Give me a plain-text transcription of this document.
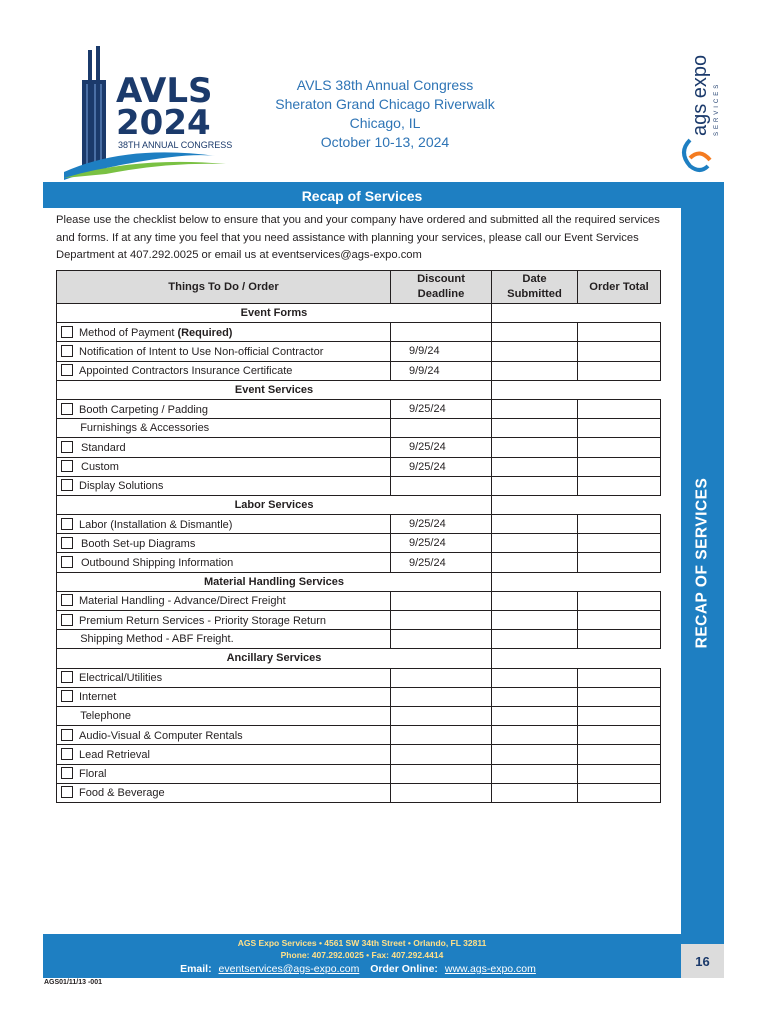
AVLS
2024
38TH ANNUAL CONGRESS
AVLS 38th Annual Congress
Sheraton Grand Chicago Riverwalk
Chicago, IL
October 10-13, 2024
ags expo SERVICES
Recap of Services
RECAP OF SERVICES
Please use the checklist below to ensure that you and your company have ordered and submitted all the required services and forms. If at any time you feel that you need assistance with planning your services, please call our Event Services Department at 407.292.0025 or email us at eventservices@ags-expo.com
Things To Do / Order	Discount Deadline	Date Submitted	Order Total
Event Forms			
Method of Payment (Required)			
Notification of Intent to Use Non-official Contractor	9/9/24		
Appointed Contractors Insurance Certificate	9/9/24		
Event Services			
Booth Carpeting / Padding	9/25/24		
Furnishings & Accessories			
Standard	9/25/24		
Custom	9/25/24		
Display Solutions			
Labor Services			
Labor (Installation & Dismantle)	9/25/24		
Booth Set-up Diagrams	9/25/24		
Outbound Shipping Information	9/25/24		
Material Handling Services			
Material Handling - Advance/Direct Freight			
Premium Return Services - Priority Storage Return			
Shipping Method - ABF Freight.			
Ancillary Services			
Electrical/Utilities			
Internet			
Telephone			
Audio-Visual & Computer Rentals			
Lead Retrieval			
Floral			
Food & Beverage			
AGS Expo Services • 4561 SW 34th Street • Orlando, FL 32811
Phone: 407.292.0025 • Fax: 407.292.4414
Email: eventservices@ags-expo.com Order Online: www.ags-expo.com	16
AGS01/11/13 -001
